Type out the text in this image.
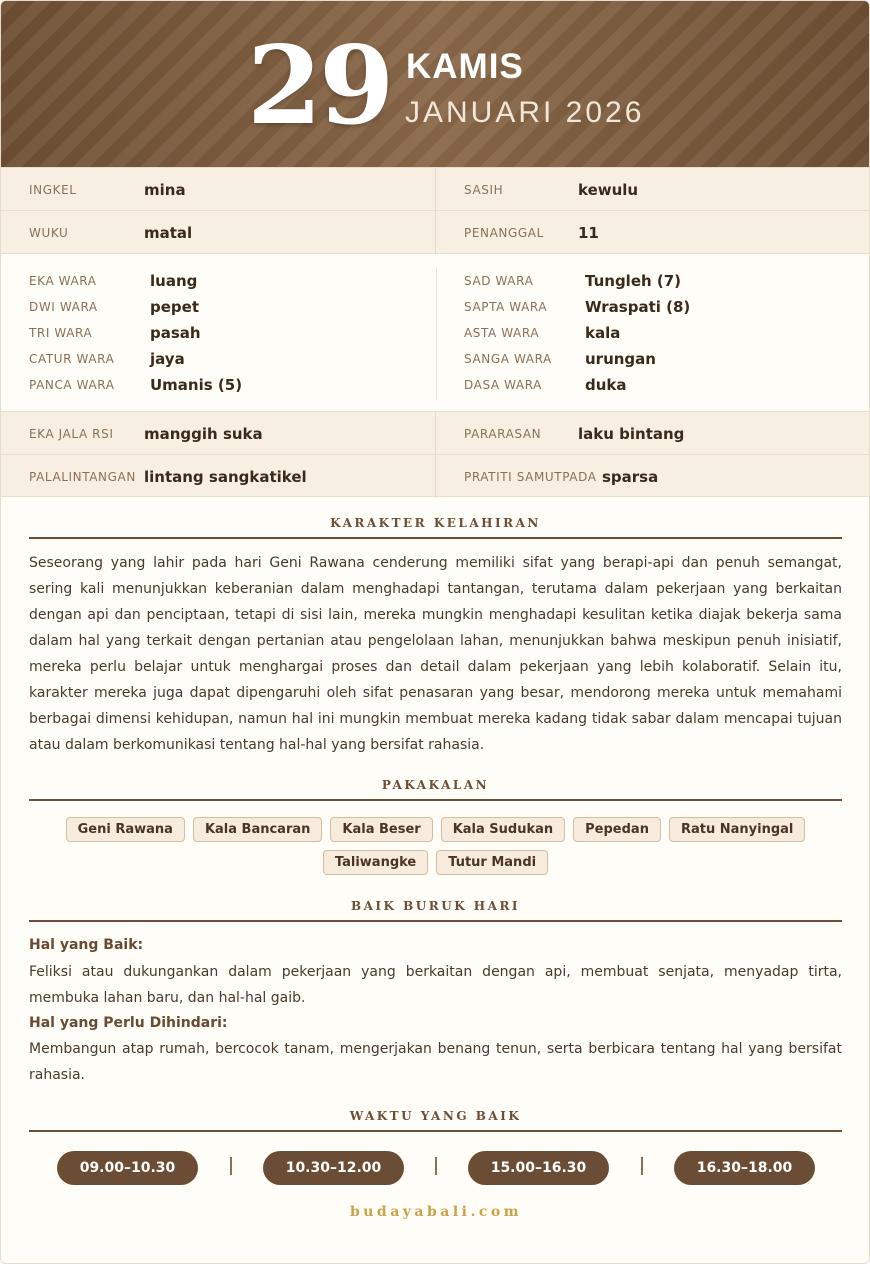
29 KAMIS
JANUARI 2026
INGKEL	mina	SASIH	kewulu
WUKU	matal	PENANGGAL 11
EKA WARA	luang
DWI WARA	pepet
TRI WARA	pasah
CATUR WARA jaya
PANCA WARA Umanis (5)
SAD WARA	Tungleh (7)
SAPTA WARA	Wraspati (8)
ASTA WARA	kala
SANGA WARA urungan
DASA WARA	duka
EKA JALA RSI manggih suka	PARARASAN laku bintang
PALALINTANGAN lintang sangkatikel	PRATITI SAMUTPADA sparsa
KARAKTER KELAHIRAN
Seseorang yang lahir pada hari Geni Rawana cenderung memiliki sifat yang berapi-api dan penuh semangat, sering kali menunjukkan keberanian dalam menghadapi tantangan, terutama dalam pekerjaan yang berkaitan dengan api dan penciptaan, tetapi di sisi lain, mereka mungkin menghadapi kesulitan ketika diajak bekerja sama dalam hal yang terkait dengan pertanian atau pengelolaan lahan, menunjukkan bahwa meskipun penuh inisiatif, mereka perlu belajar untuk menghargai proses dan detail dalam pekerjaan yang lebih kolaboratif. Selain itu, karakter mereka juga dapat dipengaruhi oleh sifat penasaran yang besar, mendorong mereka untuk memahami berbagai dimensi kehidupan, namun hal ini mungkin membuat mereka kadang tidak sabar dalam mencapai tujuan atau dalam berkomunikasi tentang hal-hal yang bersifat rahasia.
PAKAKALAN
Geni Rawana	Kala Bancaran	Kala Beser	Kala Sudukan	Pepedan	Ratu Nanyingal
Taliwangke	Tutur Mandi
BAIK BURUK HARI
Hal yang Baik:
Feliksi atau dukungankan dalam pekerjaan yang berkaitan dengan api, membuat senjata, menyadap tirta, membuka lahan baru, dan hal-hal gaib.
Hal yang Perlu Dihindari:
Membangun atap rumah, bercocok tanam, mengerjakan benang tenun, serta berbicara tentang hal yang bersifat rahasia.
WAKTU YANG BAIK
09.00–10.30	10.30–12.00	15.00–16.30	16.30–18.00
budayabali.com
